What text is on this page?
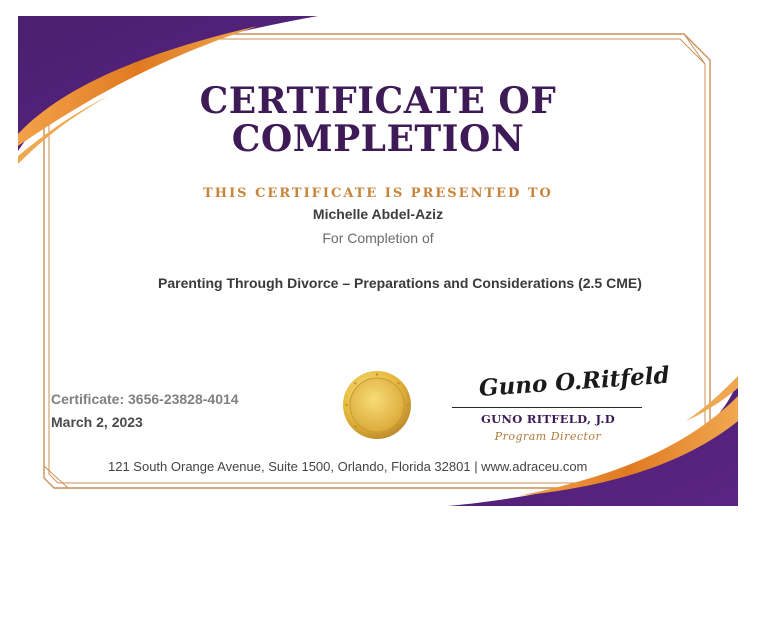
CERTIFICATE OF
COMPLETION
THIS CERTIFICATE IS PRESENTED TO
Michelle Abdel-Aziz
For Completion of
Parenting Through Divorce – Preparations and Considerations (2.5 CME)
Certificate: 3656-23828-4014
March 2, 2023
Guno O.Ritfeld
GUNO RITFELD, J.D
Program Director
121 South Orange Avenue, Suite 1500, Orlando, Florida 32801 | www.adraceu.com
